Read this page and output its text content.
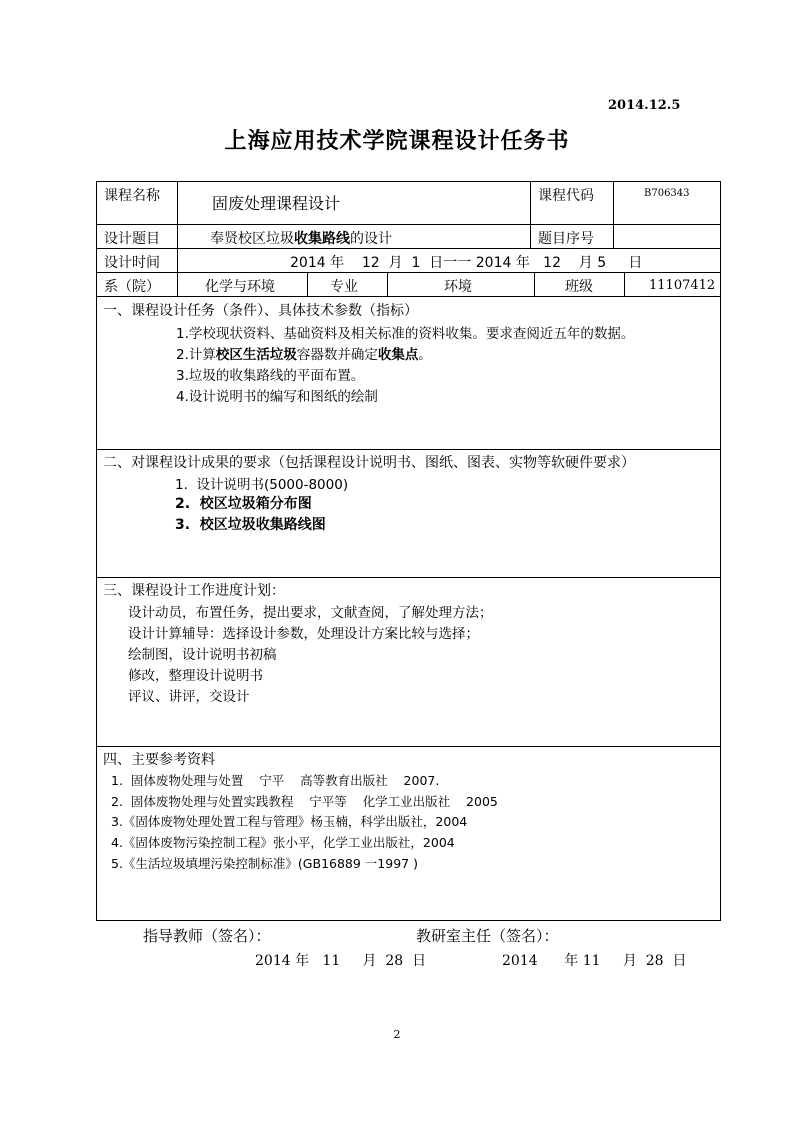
2014.12.5
上海应用技术学院课程设计任务书
课程名称	固废处理课程设计	课程代码	B706343
设计题目	奉贤校区垃圾收集路线的设计	题目序号
设计时间	2014 年    12  月  1  日一一 2014 年   12    月 5     日
系（院）	化学与环境	专业	环境	班级	11107412
一、课程设计任务（条件）、具体技术参数（指标）
1.学校现状资料、基础资料及相关标准的资料收集。要求查阅近五年的数据。
2.计算校区生活垃圾容器数并确定收集点。
3.垃圾的收集路线的平面布置。
4.设计说明书的编写和图纸的绘制
二、对课程设计成果的要求（包括课程设计说明书、图纸、图表、实物等软硬件要求）
1.  设计说明书(5000-8000)
2.  校区垃圾箱分布图
3.  校区垃圾收集路线图
三、课程设计工作进度计划：
设计动员，布置任务，提出要求，文献查阅，了解处理方法；
设计计算辅导：选择设计参数，处理设计方案比较与选择；
绘制图，设计说明书初稿
修改，整理设计说明书
评议、讲评，交设计
四、主要参考资料
1.  固体废物处理与处置    宁平    高等教育出版社    2007.
2.  固体废物处理与处置实践教程    宁平等    化学工业出版社    2005
3.《固体废物处理处置工程与管理》杨玉楠，科学出版社，2004
4.《固体废物污染控制工程》张小平，化学工业出版社，2004
5.《生活垃圾填埋污染控制标准》(GB16889 一1997 )
指导教师（签名）：	教研室主任（签名）：
2014 年   11     月  28  日	2014      年 11     月  28  日
2
